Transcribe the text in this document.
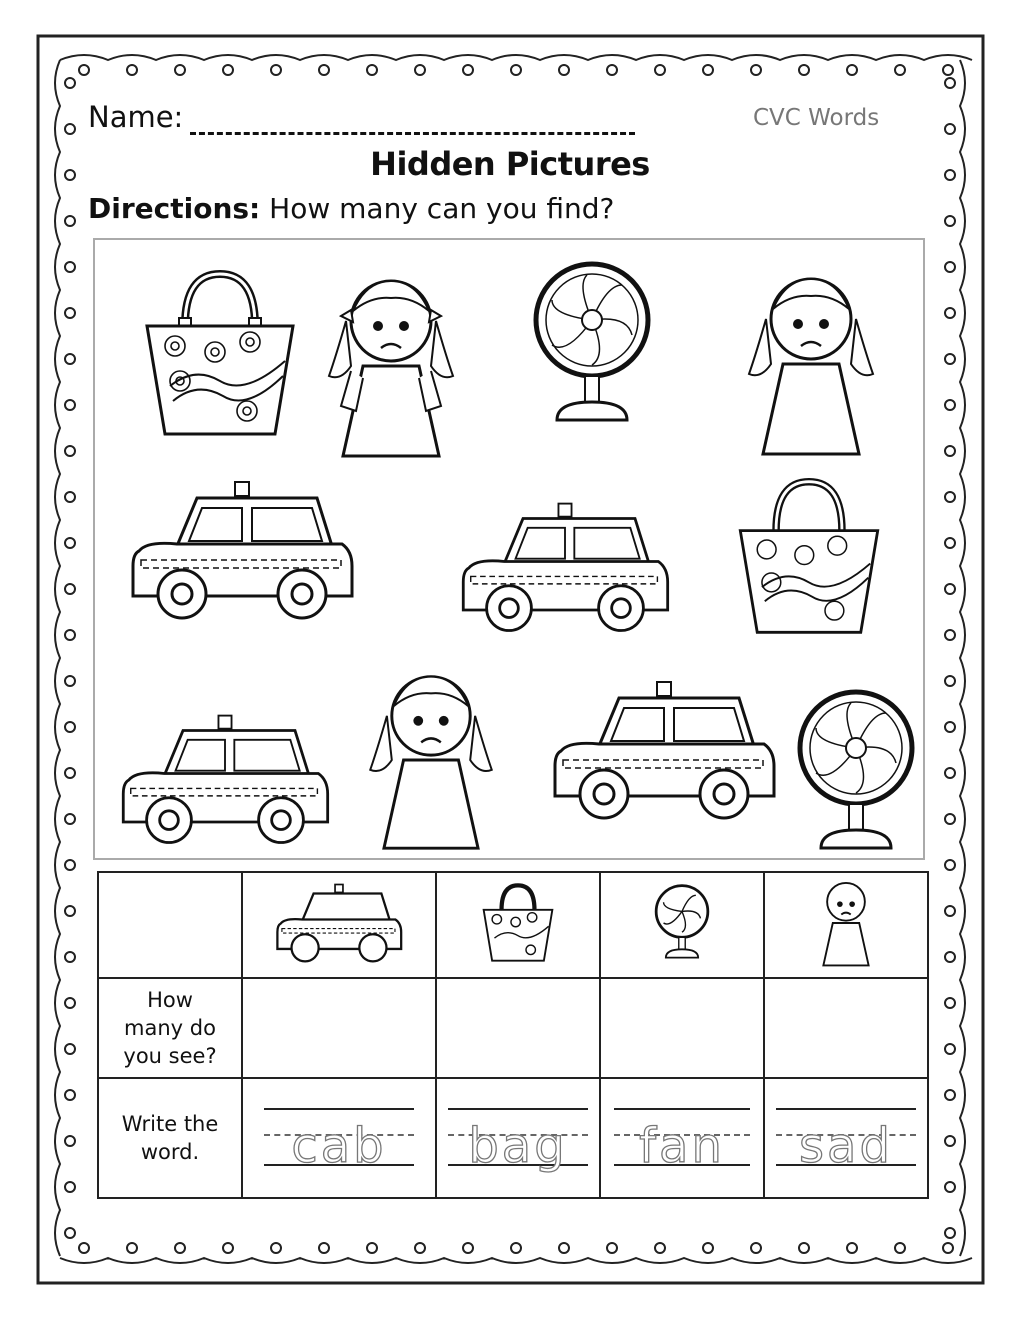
Name:	CVC Words
Hidden Pictures
Directions: How many can you find?

How many do you see?				

Write the word.	cab	bag	fan	sad
